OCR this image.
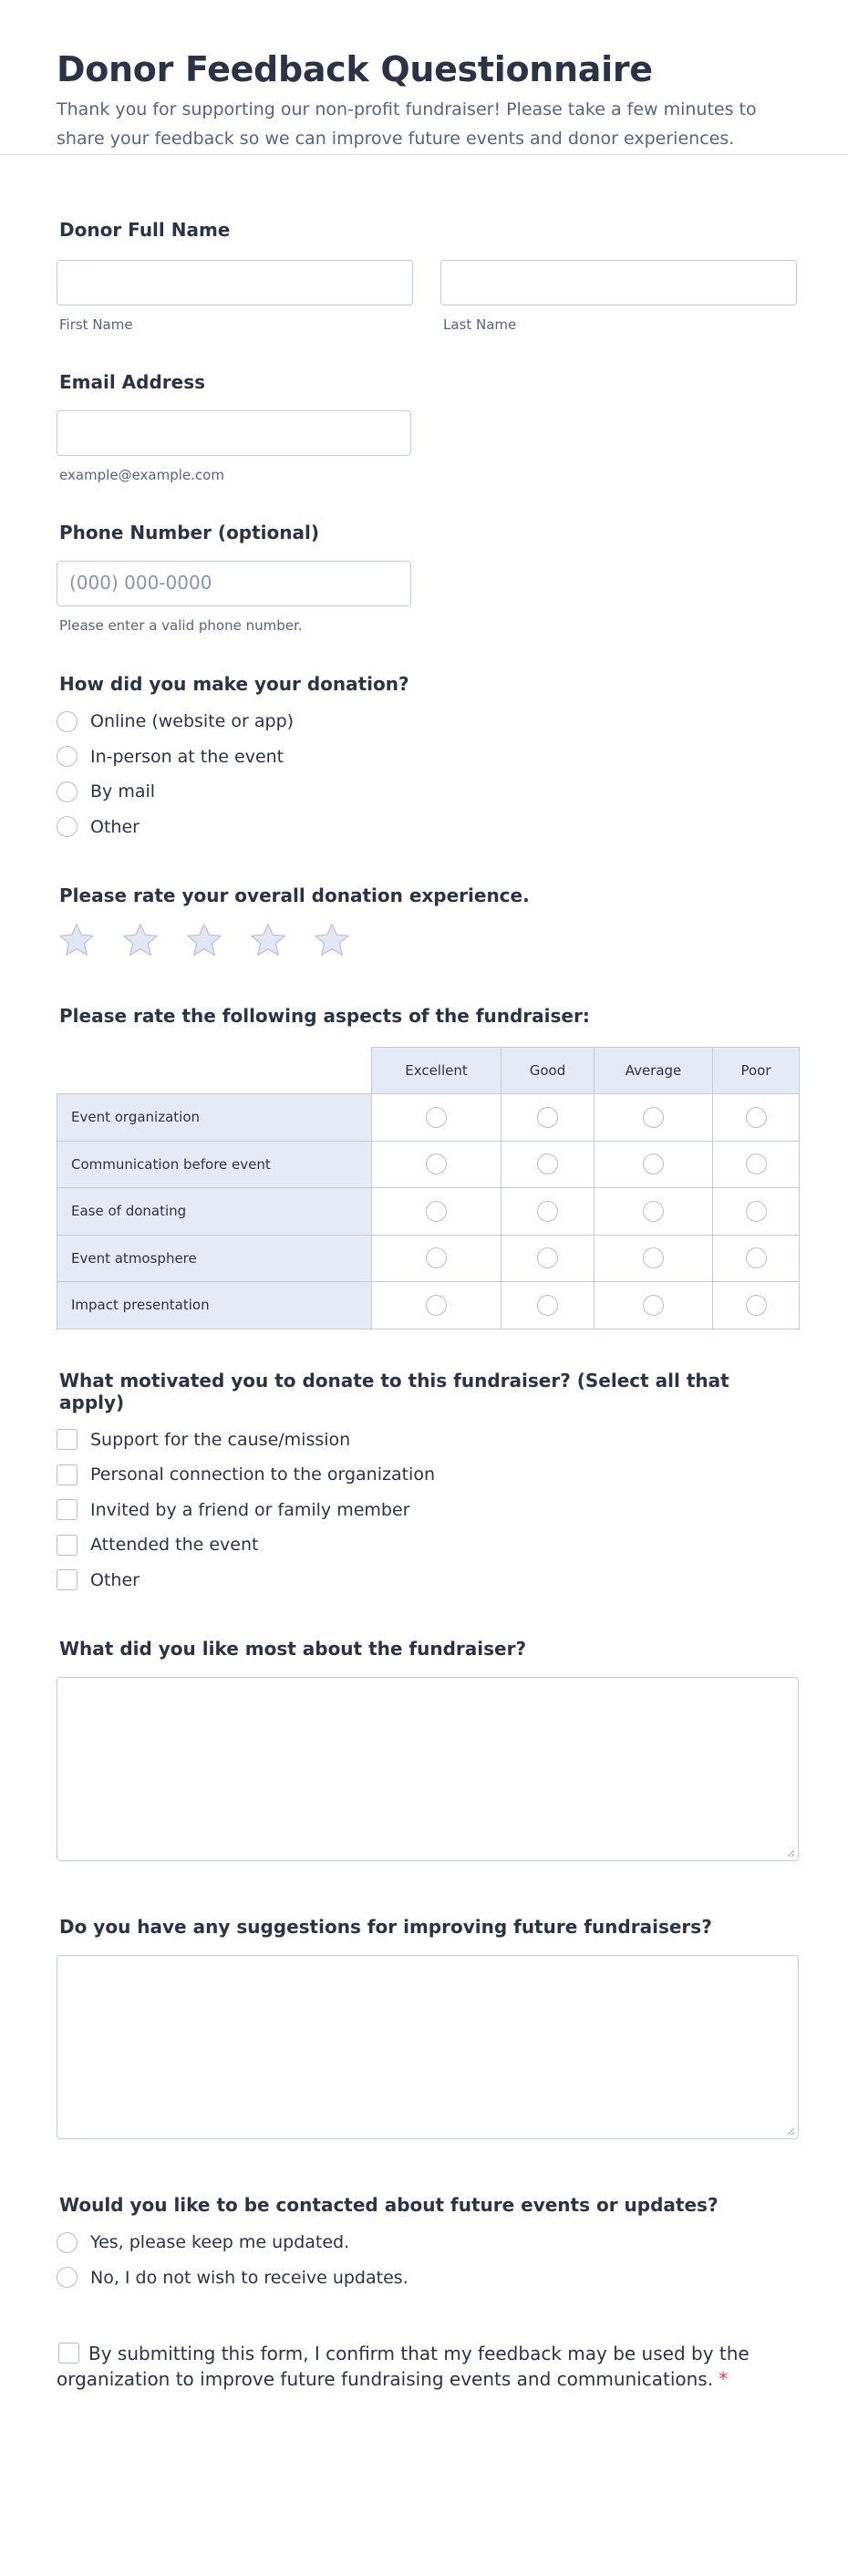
Donor Feedback Questionnaire
Thank you for supporting our non-profit fundraiser! Please take a few minutes to share your feedback so we can improve future events and donor experiences.
Donor Full Name
First Name	Last Name
Email Address
example@example.com
Phone Number (optional)
(000) 000-0000
Please enter a valid phone number.
How did you make your donation?
Online (website or app)
In-person at the event
By mail
Other
Please rate your overall donation experience.
Please rate the following aspects of the fundraiser:
	Excellent	Good	Average	Poor
Event organization				
Communication before event				
Ease of donating				
Event atmosphere				
Impact presentation				
What motivated you to donate to this fundraiser? (Select all that apply)
Support for the cause/mission
Personal connection to the organization
Invited by a friend or family member
Attended the event
Other
What did you like most about the fundraiser?
Do you have any suggestions for improving future fundraisers?
Would you like to be contacted about future events or updates?
Yes, please keep me updated.
No, I do not wish to receive updates.
By submitting this form, I confirm that my feedback may be used by the organization to improve future fundraising events and communications. *
